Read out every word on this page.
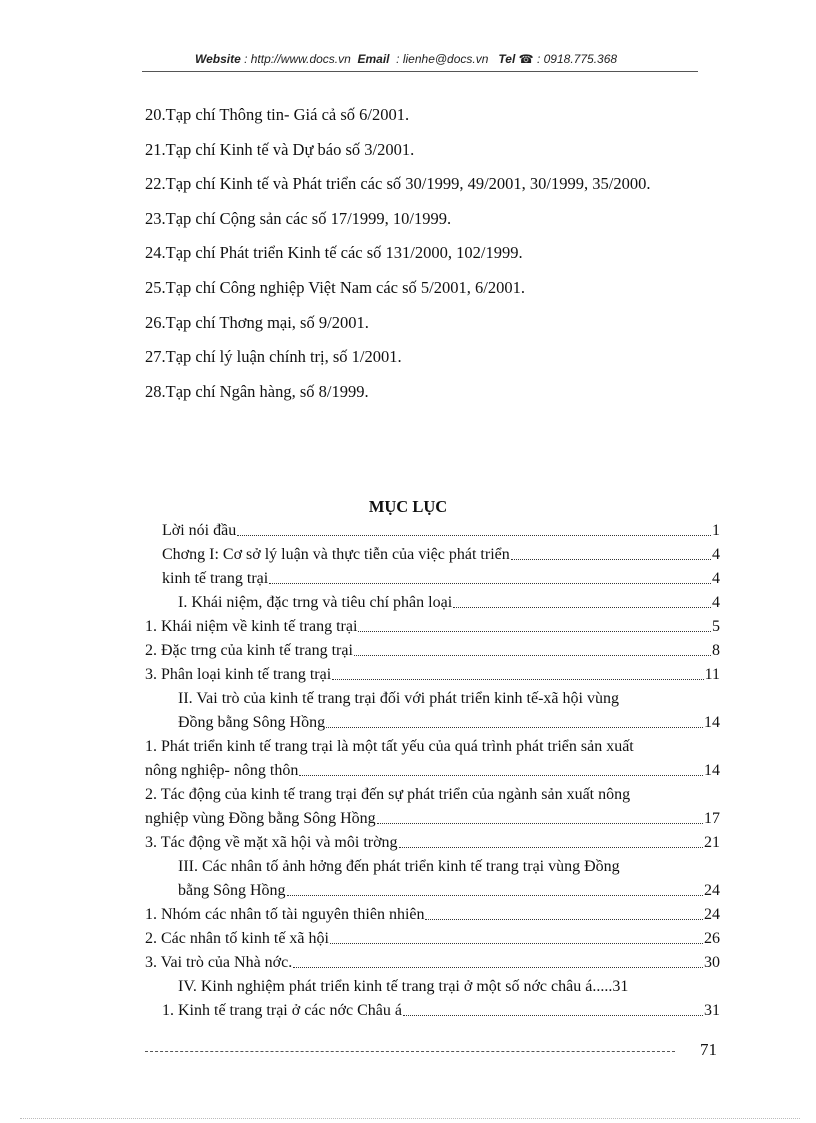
Website : http://www.docs.vn Email : lienhe@docs.vn Tel ☎ : 0918.775.368
20.Tạp chí Thông tin- Giá cả số 6/2001.
21.Tạp chí Kinh tế và Dự báo số 3/2001.
22.Tạp chí Kinh tế và Phát triển các số 30/1999, 49/2001, 30/1999, 35/2000.
23.Tạp chí Cộng sản các số 17/1999, 10/1999.
24.Tạp chí Phát triển Kinh tế các số 131/2000, 102/1999.
25.Tạp chí Công nghiệp Việt Nam các số 5/2001, 6/2001.
26.Tạp chí Thơng mại, số 9/2001.
27.Tạp chí lý luận chính trị, số 1/2001.
28.Tạp chí Ngân hàng, số 8/1999.
MỤC LỤC
Lời nói đầu	1
Chơng I: Cơ sở lý luận và thực tiễn của việc phát triển	4
kinh tế trang trại	4
I. Khái niệm, đặc trng và tiêu chí phân loại	4
1. Khái niệm về kinh tế trang trại	5
2. Đặc trng của kinh tế trang trại	8
3. Phân loại kinh tế trang trại	11
II. Vai trò của kinh tế trang trại đối với phát triển kinh tế-xã hội vùng
Đồng bằng Sông Hồng	14
1. Phát triển kinh tế trang trại là một tất yếu của quá trình phát triển sản xuất
nông nghiệp- nông thôn	14
2. Tác động của kinh tế trang trại đến sự phát triển của ngành sản xuất nông
nghiệp vùng Đồng bằng Sông Hồng	17
3. Tác động về mặt xã hội và môi trờng	21
III. Các nhân tố ảnh hởng đến phát triển kinh tế trang trại vùng Đồng
bằng Sông Hồng	24
1. Nhóm các nhân tố tài nguyên thiên nhiên	24
2. Các nhân tố kinh tế xã hội	26
3. Vai trò của Nhà nớc.	30
IV. Kinh nghiệm phát triển kinh tế trang trại ở một số nớc châu á..... 31
1. Kinh tế trang trại ở các nớc Châu á	31
71
